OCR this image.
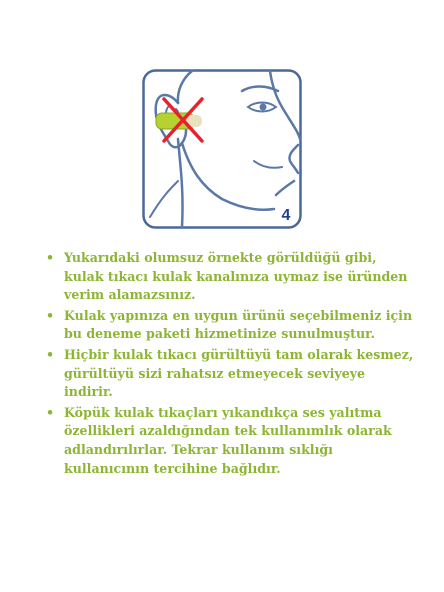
4
• Yukarıdaki olumsuz örnekte görüldüğü gibi, kulak tıkacı kulak kanalınıza uymaz ise üründen verim alamazsınız.
• Kulak yapınıza en uygun ürünü seçebilmeniz için bu deneme paketi hizmetinize sunulmuştur.
• Hiçbir kulak tıkacı gürültüyü tam olarak kesmez, gürültüyü sizi rahatsız etmeyecek seviyeye indirir.
• Köpük kulak tıkaçları yıkandıkça ses yalıtma özellikleri azaldığından tek kullanımlık olarak adlandırılırlar. Tekrar kullanım sıklığı kullanıcının tercihine bağlıdır.
